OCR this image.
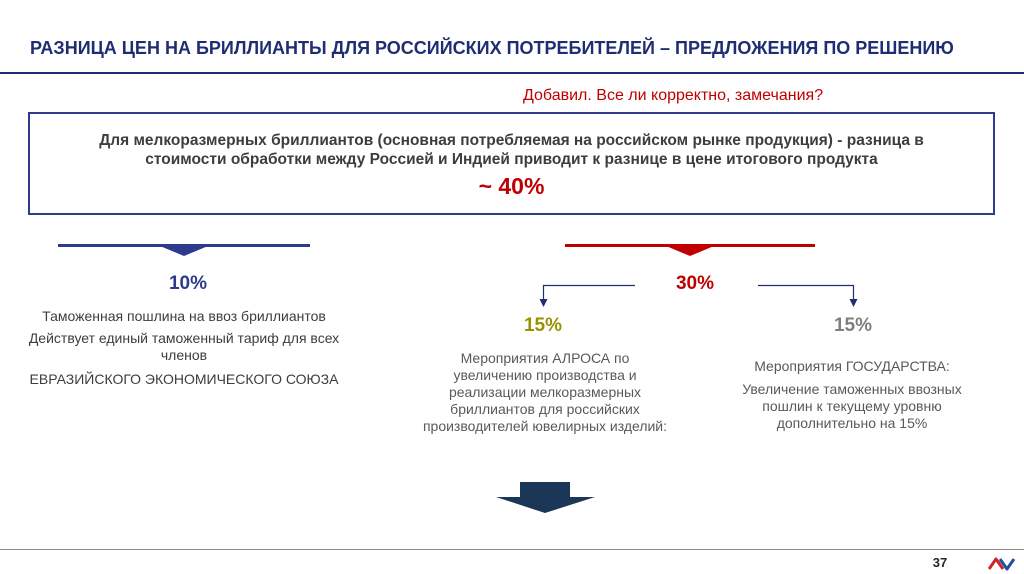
РАЗНИЦА ЦЕН НА БРИЛЛИАНТЫ ДЛЯ РОССИЙСКИХ ПОТРЕБИТЕЛЕЙ – ПРЕДЛОЖЕНИЯ ПО РЕШЕНИЮ
Добавил. Все ли корректно, замечания?
Для мелкоразмерных бриллиантов (основная потребляемая на российском рынке продукция) - разница в
стоимости обработки между Россией и Индией приводит к разнице в цене итогового продукта
~ 40%
10%

Таможенная пошлина на ввоз бриллиантов

Действует единый таможенный тариф для всех
членов

ЕВРАЗИЙСКОГО ЭКОНОМИЧЕСКОГО СОЮЗА

30%
15%
Мероприятия АЛРОСА по
увеличению производства и
реализации мелкоразмерных
бриллиантов для российских
производителей ювелирных изделий:
15%

Мероприятия ГОСУДАРСТВА:

Увеличение таможенных ввозных
пошлин к текущему уровню
дополнительно на 15%

37
